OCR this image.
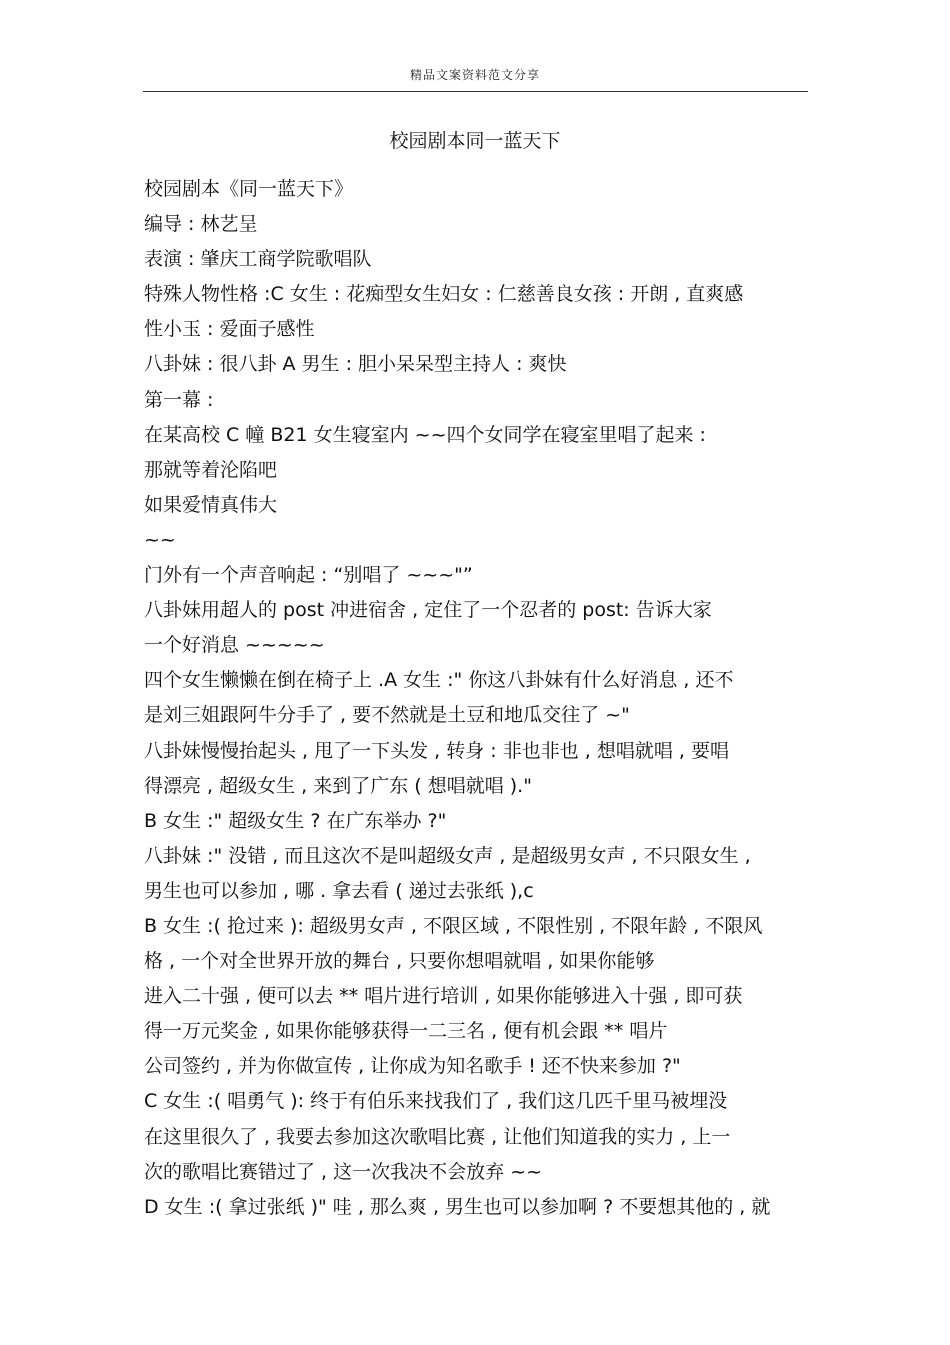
精品文案资料范文分享
校园剧本同一蓝天下
校园剧本《同一蓝天下》
编导 : 林艺呈
表演 : 肇庆工商学院歌唱队
特殊人物性格 :C 女生 : 花痴型女生妇女 : 仁慈善良女孩 : 开朗 , 直爽感
性小玉 : 爱面子感性
八卦妹 : 很八卦 A 男生 : 胆小呆呆型主持人 : 爽快
第一幕 :
在某高校 C 幢 B21 女生寝室内 ~~四个女同学在寝室里唱了起来 :
那就等着沦陷吧
如果爱情真伟大
~~
门外有一个声音响起 : “别唱了 ~~~"”
八卦妹用超人的 post 冲进宿舍 , 定住了一个忍者的 post: 告诉大家
一个好消息 ~~~~~
四个女生懒懒在倒在椅子上 .A 女生 :" 你这八卦妹有什么好消息 , 还不
是刘三姐跟阿牛分手了 , 要不然就是土豆和地瓜交往了 ~"
八卦妹慢慢抬起头 , 甩了一下头发 , 转身 : 非也非也 , 想唱就唱 , 要唱
得漂亮 , 超级女生 , 来到了广东 ( 想唱就唱 )."
B 女生 :" 超级女生 ? 在广东举办 ?"
八卦妹 :" 没错 , 而且这次不是叫超级女声 , 是超级男女声 , 不只限女生 ,
男生也可以参加 , 哪 . 拿去看 ( 递过去张纸 ),c
B 女生 :( 抢过来 ): 超级男女声 , 不限区域 , 不限性别 , 不限年龄 , 不限风
格 , 一个对全世界开放的舞台 , 只要你想唱就唱 , 如果你能够
进入二十强 , 便可以去 ** 唱片进行培训 , 如果你能够进入十强 , 即可获
得一万元奖金 , 如果你能够获得一二三名 , 便有机会跟 ** 唱片
公司签约 , 并为你做宣传 , 让你成为知名歌手 ! 还不快来参加 ?"
C 女生 :( 唱勇气 ): 终于有伯乐来找我们了 , 我们这几匹千里马被埋没
在这里很久了 , 我要去参加这次歌唱比赛 , 让他们知道我的实力 , 上一
次的歌唱比赛错过了 , 这一次我决不会放弃 ~~
D 女生 :( 拿过张纸 )" 哇 , 那么爽 , 男生也可以参加啊 ? 不要想其他的 , 就
